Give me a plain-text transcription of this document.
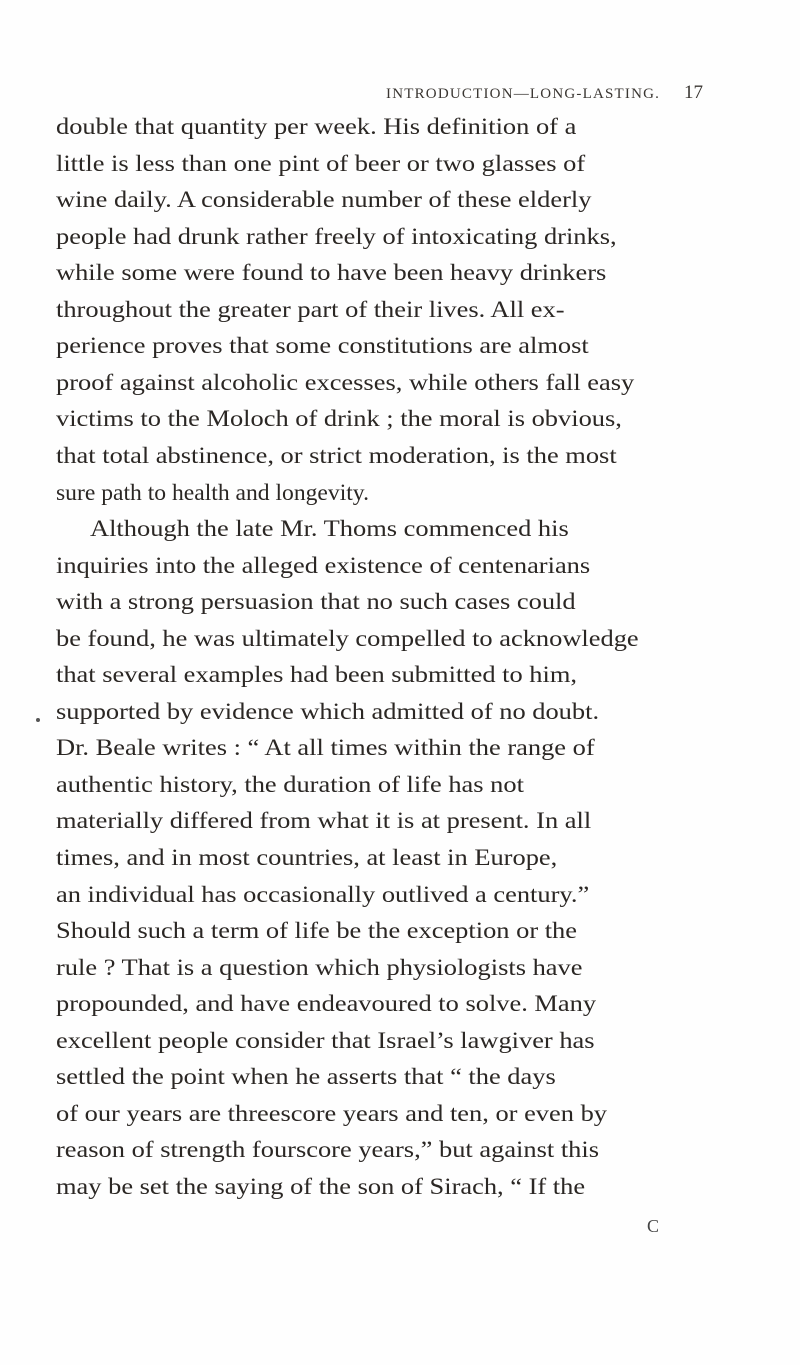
INTRODUCTION—LONG-LASTING. 17
double that quantity per week. His definition of a
little is less than one pint of beer or two glasses of
wine daily. A considerable number of these elderly
people had drunk rather freely of intoxicating drinks,
while some were found to have been heavy drinkers
throughout the greater part of their lives. All ex-
perience proves that some constitutions are almost
proof against alcoholic excesses, while others fall easy
victims to the Moloch of drink ; the moral is obvious,
that total abstinence, or strict moderation, is the most
sure path to health and longevity.
Although the late Mr. Thoms commenced his
inquiries into the alleged existence of centenarians
with a strong persuasion that no such cases could
be found, he was ultimately compelled to acknowledge
that several examples had been submitted to him,
supported by evidence which admitted of no doubt.
Dr. Beale writes : “ At all times within the range of
authentic history, the duration of life has not
materially differed from what it is at present. In all
times, and in most countries, at least in Europe,
an individual has occasionally outlived a century.”
Should such a term of life be the exception or the
rule ? That is a question which physiologists have
propounded, and have endeavoured to solve. Many
excellent people consider that Israel’s lawgiver has
settled the point when he asserts that “ the days
of our years are threescore years and ten, or even by
reason of strength fourscore years,” but against this
may be set the saying of the son of Sirach, “ If the
C
